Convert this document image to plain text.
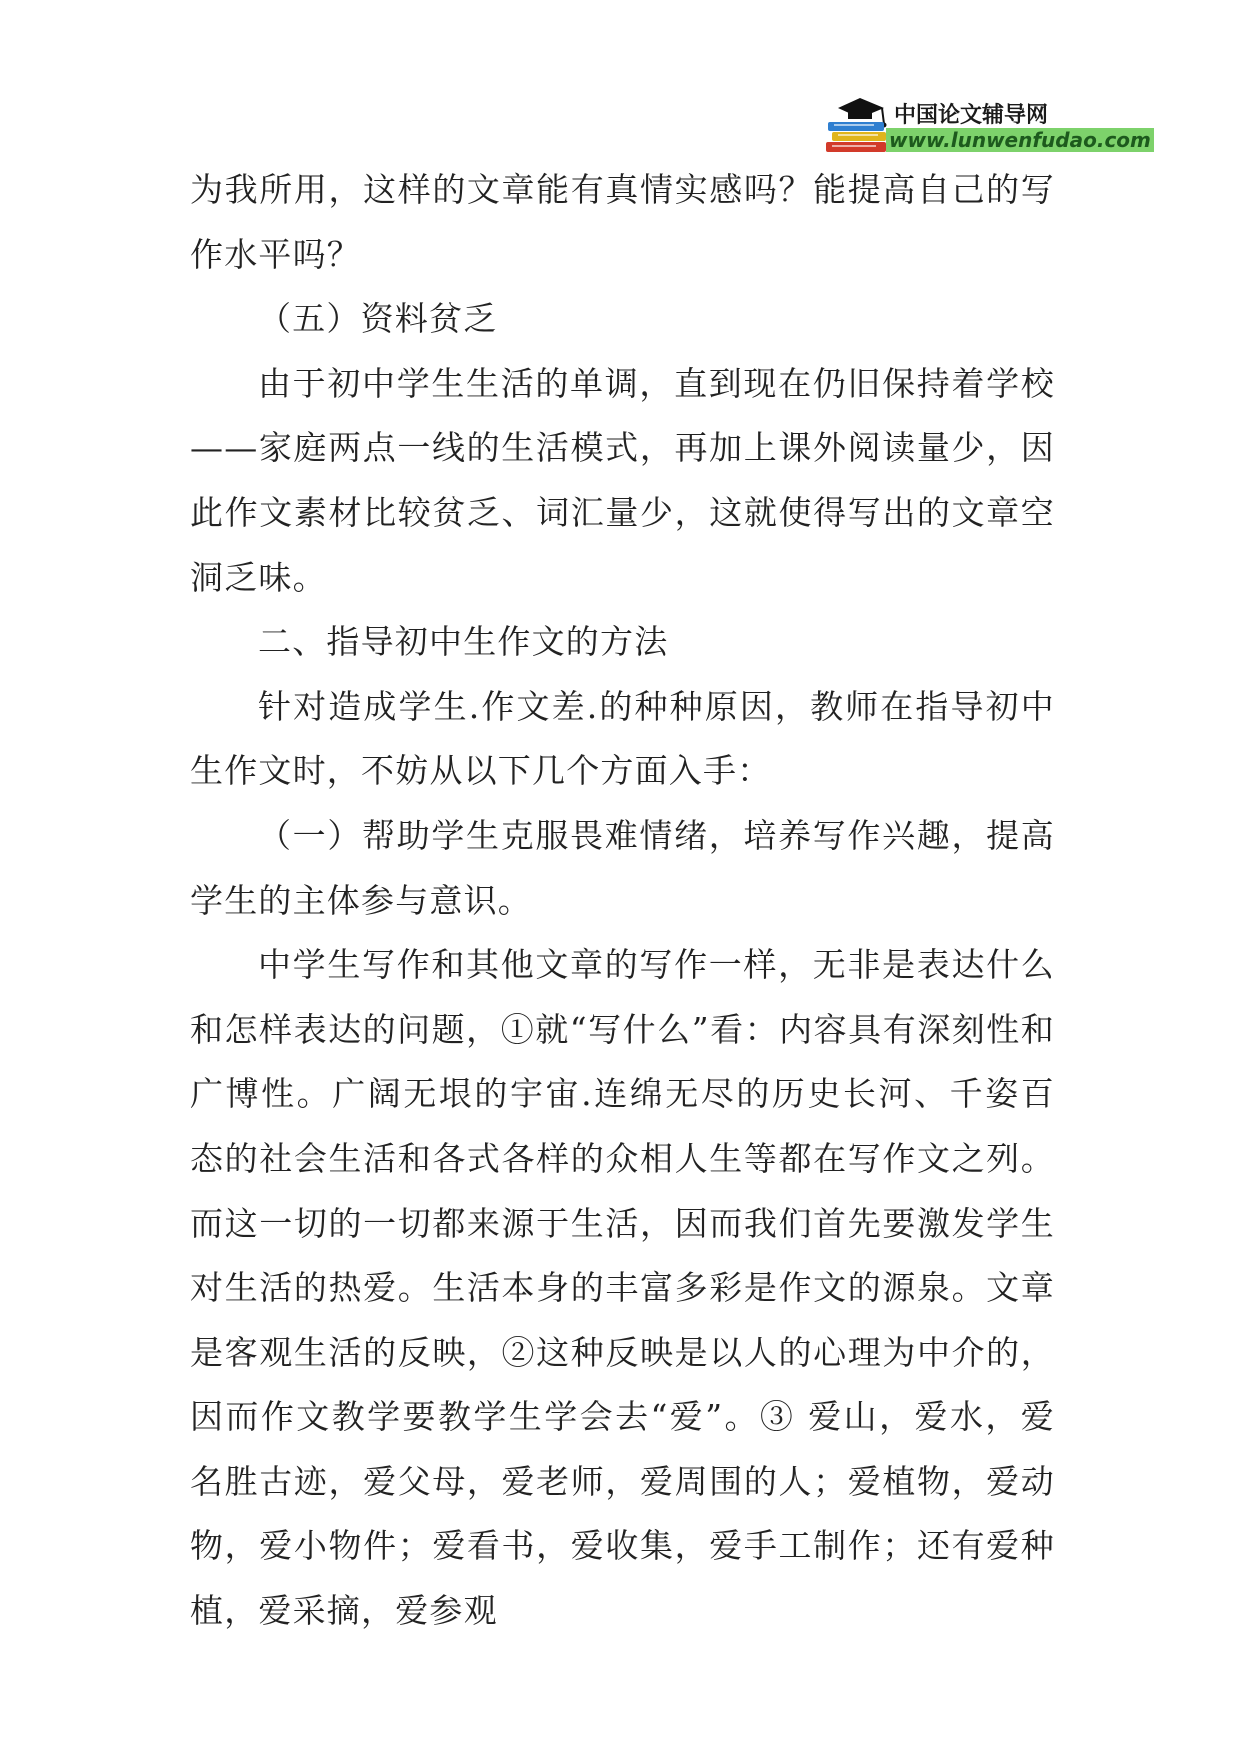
中国论文辅导网
www.lunwenfudao.com

为我所用，这样的文章能有真情实感吗？能提高自己的写作水平吗？

（五）资料贫乏

由于初中学生生活的单调，直到现在仍旧保持着学校——家庭两点一线的生活模式，再加上课外阅读量少，因此作文素材比较贫乏、词汇量少，这就使得写出的文章空洞乏味。

二、指导初中生作文的方法

针对造成学生.作文差.的种种原因，教师在指导初中生作文时，不妨从以下几个方面入手：

（一）帮助学生克服畏难情绪，培养写作兴趣，提高学生的主体参与意识。

中学生写作和其他文章的写作一样，无非是表达什么和怎样表达的问题，①就“写什么”看：内容具有深刻性和广博性。广阔无垠的宇宙.连绵无尽的历史长河、千姿百态的社会生活和各式各样的众相人生等都在写作文之列。而这一切的一切都来源于生活，因而我们首先要激发学生对生活的热爱。生活本身的丰富多彩是作文的源泉。文章是客观生活的反映，②这种反映是以人的心理为中介的，因而作文教学要教学生学会去“爱”。③ 爱山，爱水，爱名胜古迹，爱父母，爱老师，爱周围的人；爱植物，爱动物，爱小物件；爱看书，爱收集，爱手工制作；还有爱种植，爱采摘，爱参观
